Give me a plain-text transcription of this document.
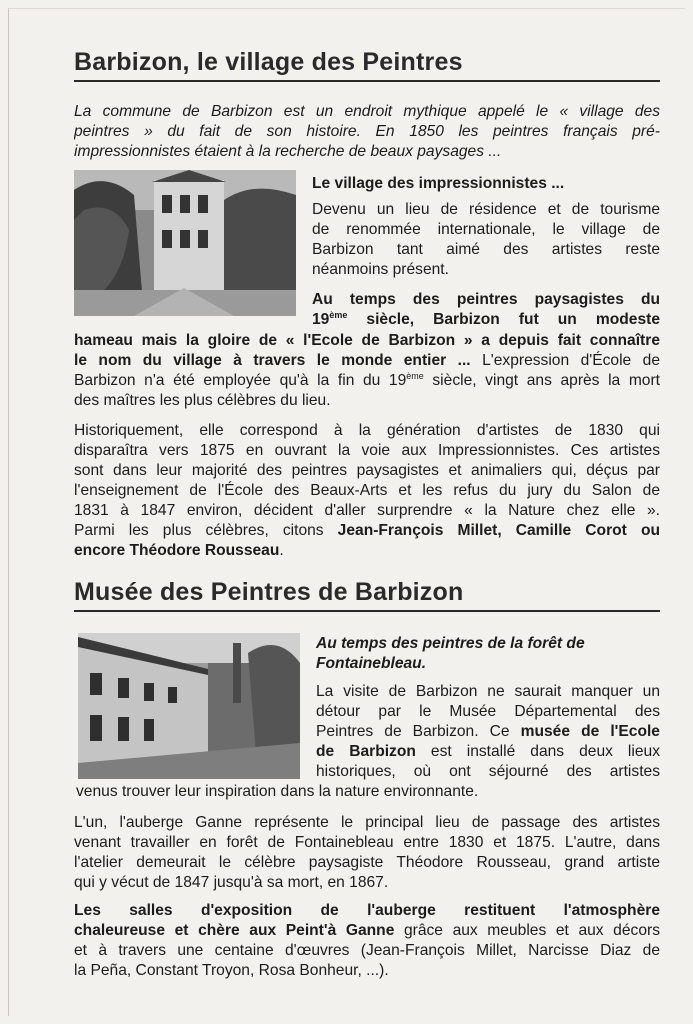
Barbizon, le village des Peintres
La commune de Barbizon est un endroit mythique appelé le « village des
peintres » du fait de son histoire. En 1850 les peintres français pré-
impressionnistes étaient à la recherche de beaux paysages ...
Le village des impressionnistes ...
Devenu un lieu de résidence et de tourisme
de renommée internationale, le village de
Barbizon tant aimé des artistes reste
néanmoins présent.
Au temps des peintres paysagistes du
19ème siècle, Barbizon fut un modeste
hameau mais la gloire de « l'Ecole de Barbizon » a depuis fait connaître
le nom du village à travers le monde entier ... L'expression d'École de
Barbizon n'a été employée qu'à la fin du 19ème siècle, vingt ans après la mort
des maîtres les plus célèbres du lieu.
Historiquement, elle correspond à la génération d'artistes de 1830 qui
disparaîtra vers 1875 en ouvrant la voie aux Impressionnistes. Ces artistes
sont dans leur majorité des peintres paysagistes et animaliers qui, déçus par
l'enseignement de l'École des Beaux-Arts et les refus du jury du Salon de
1831 à 1847 environ, décident d'aller surprendre « la Nature chez elle ».
Parmi les plus célèbres, citons Jean-François Millet, Camille Corot ou
encore Théodore Rousseau.
Musée des Peintres de Barbizon
Au temps des peintres de la forêt de
Fontainebleau.
La visite de Barbizon ne saurait manquer un
détour par le Musée Départemental des
Peintres de Barbizon. Ce musée de l'Ecole
de Barbizon est installé dans deux lieux
historiques, où ont séjourné des artistes
venus trouver leur inspiration dans la nature environnante.
L'un, l'auberge Ganne représente le principal lieu de passage des artistes
venant travailler en forêt de Fontainebleau entre 1830 et 1875. L'autre, dans
l'atelier demeurait le célèbre paysagiste Théodore Rousseau, grand artiste
qui y vécut de 1847 jusqu'à sa mort, en 1867.
Les salles d'exposition de l'auberge restituent l'atmosphère
chaleureuse et chère aux Peint'à Ganne grâce aux meubles et aux décors
et à travers une centaine d'œuvres (Jean-François Millet, Narcisse Diaz de
la Peña, Constant Troyon, Rosa Bonheur, ...).
